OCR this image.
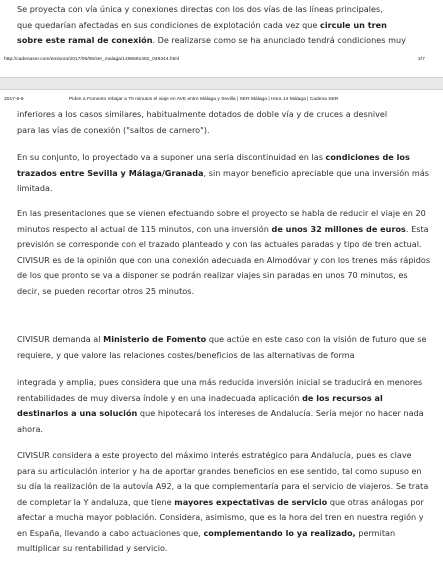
Se proyecta con vía única y conexiones directas con los dos vías de las líneas principales,
que quedarían afectadas en sus condiciones de explotación cada vez que circule un tren
sobre este ramal de conexión. De realizarse como se ha anunciado tendrá condiciones muy

http://cadenaser.com/emisora/2017/06/06/ser_malaga/1496681482_048344.html	2/7
2017-6-6	Piden a Fomento rebajar a 70 minutos el viaje en AVE entre Málaga y Sevilla | SER Málaga | Hora 14 Málaga | Cadena SER

inferiores a los casos similares, habitualmente dotados de doble vía y de cruces a desnivel
para las vías de conexión ("saltos de carnero").

En su conjunto, lo proyectado va a suponer una seria discontinuidad en las condiciones de los trazados entre Sevilla y Málaga/Granada, sin mayor beneficio apreciable que una inversión más limitada.

En las presentaciones que se vienen efectuando sobre el proyecto se habla de reducir el viaje en 20 minutos respecto al actual de 115 minutos, con una inversión de unos 32 millones de euros. Esta previsión se corresponde con el trazado planteado y con las actuales paradas y tipo de tren actual. CIVISUR es de la opinión que con una conexión adecuada en Almodóvar y con los trenes más rápidos de los que pronto se va a disponer se podrán realizar viajes sin paradas en unos 70 minutos, es decir, se pueden recortar otros 25 minutos.

CIVISUR demanda al Ministerio de Fomento que actúe en este caso con la visión de futuro que se requiere, y que valore las relaciones costes/beneficios de las alternativas de forma

integrada y amplia, pues considera que una más reducida inversión inicial se traducirá en menores rentabilidades de muy diversa índole y en una inadecuada aplicación de los recursos al destinarlos a una solución que hipotecará los intereses de Andalucía. Sería mejor no hacer nada ahora.

CIVISUR considera a este proyecto del máximo interés estratégico para Andalucía, pues es clave para su articulación interior y ha de aportar grandes beneficios en ese sentido, tal como supuso en su día la realización de la autovía A92, a la que complementaría para el servicio de viajeros. Se trata de completar la Y andaluza, que tiene mayores expectativas de servicio que otras análogas por afectar a mucha mayor población. Considera, asimismo, que es la hora del tren en nuestra región y en España, llevando a cabo actuaciones que, complementando lo ya realizado, permitan multiplicar su rentabilidad y servicio.
